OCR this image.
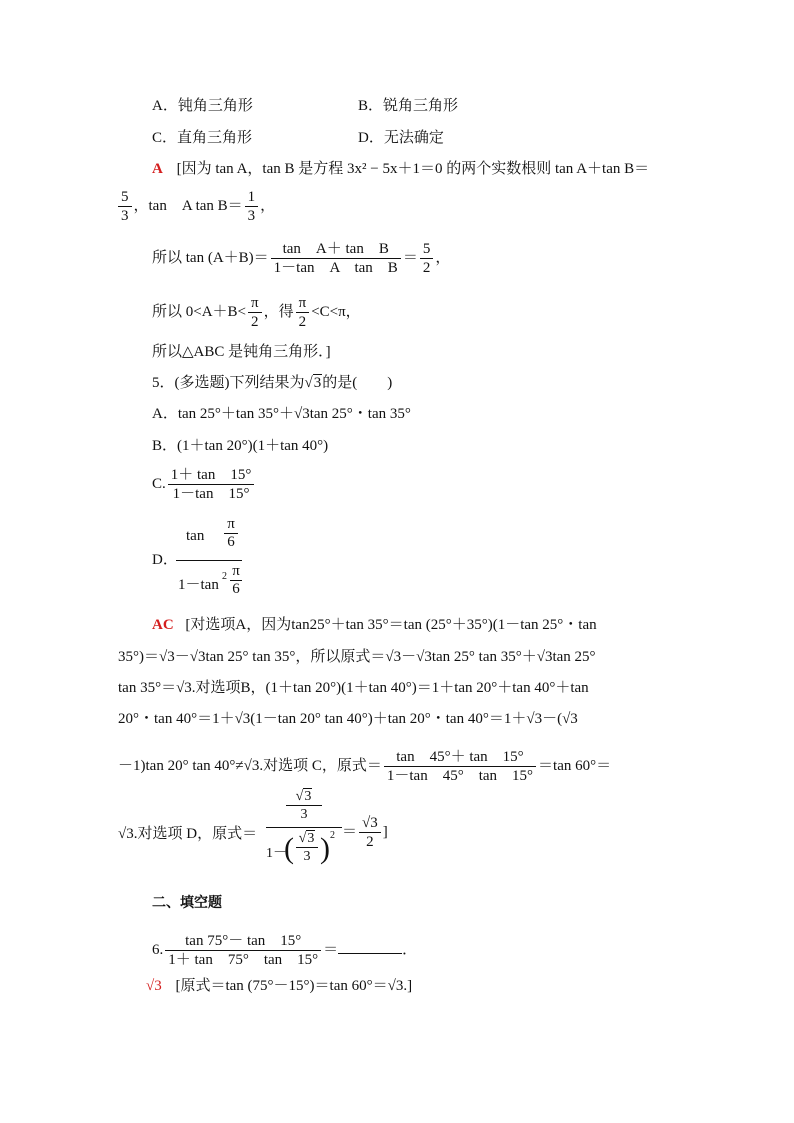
A．钝角三角形	B．锐角三角形
C．直角三角形	D．无法确定
A [因为 tan A，tan B 是方程 3x² − 5x＋1＝0 的两个实数根则 tan A＋tan B＝
$\frac{5}{3}$ ，tan　A $\tan B= \frac{1}{3}$ ，
所以 $\tan (A+B)= \frac{\text{tan　A＋ tan　B}}{\text{1－tan　A　tan　B}} = \frac{5}{2}$ ，
所以 $0<A+B< \frac{\pi}{2}$ ，得 $\frac{\pi}{2} <C<\pi$，
所以△ABC 是钝角三角形．]
5．(多选题)下列结果为√3的是(　　)
A．tan 25°＋tan 35°＋√3tan 25°・tan 35°
B．(1＋tan 20°)(1＋tan 40°)
C. $\frac{1+ \tan 15^\circ}{1-\tan 15^\circ}$
D．
tan
π
6
1－tan
2 π
6
AC [对选项A，因为tan25°＋tan 35°＝tan (25°＋35°)(1－tan 25°・tan
35°)＝√3－√3tan 25° tan 35°，所以原式＝√3－√3tan 25° tan 35°＋√3tan 25°
tan 35°＝√3.对选项B，(1＋tan 20°)(1＋tan 40°)＝1＋tan 20°＋tan 40°＋tan
20°・tan 40°＝1＋√3(1－tan 20° tan 40°)＋tan 20°・tan 40°＝1＋√3－(√3
－1)tan 20° tan 40°≠√3.对选项 C，原式＝ $\frac{\tan 45^\circ+ \tan 15^\circ}{1-\tan 45^\circ \tan 15^\circ} =\tan$ 60°＝
√3.对选项 D，原式＝
√3
3
1－
( √3
3 ) $2 = \frac{√3}{2}$ ]
二、填空题
6. $\frac{\tan 75^\circ- \tan 15^\circ}{1+ \tan 75^\circ \tan 15^\circ}$ ＝	．
√3 [原式＝tan (75°－15°)＝tan 60°＝√3.]
